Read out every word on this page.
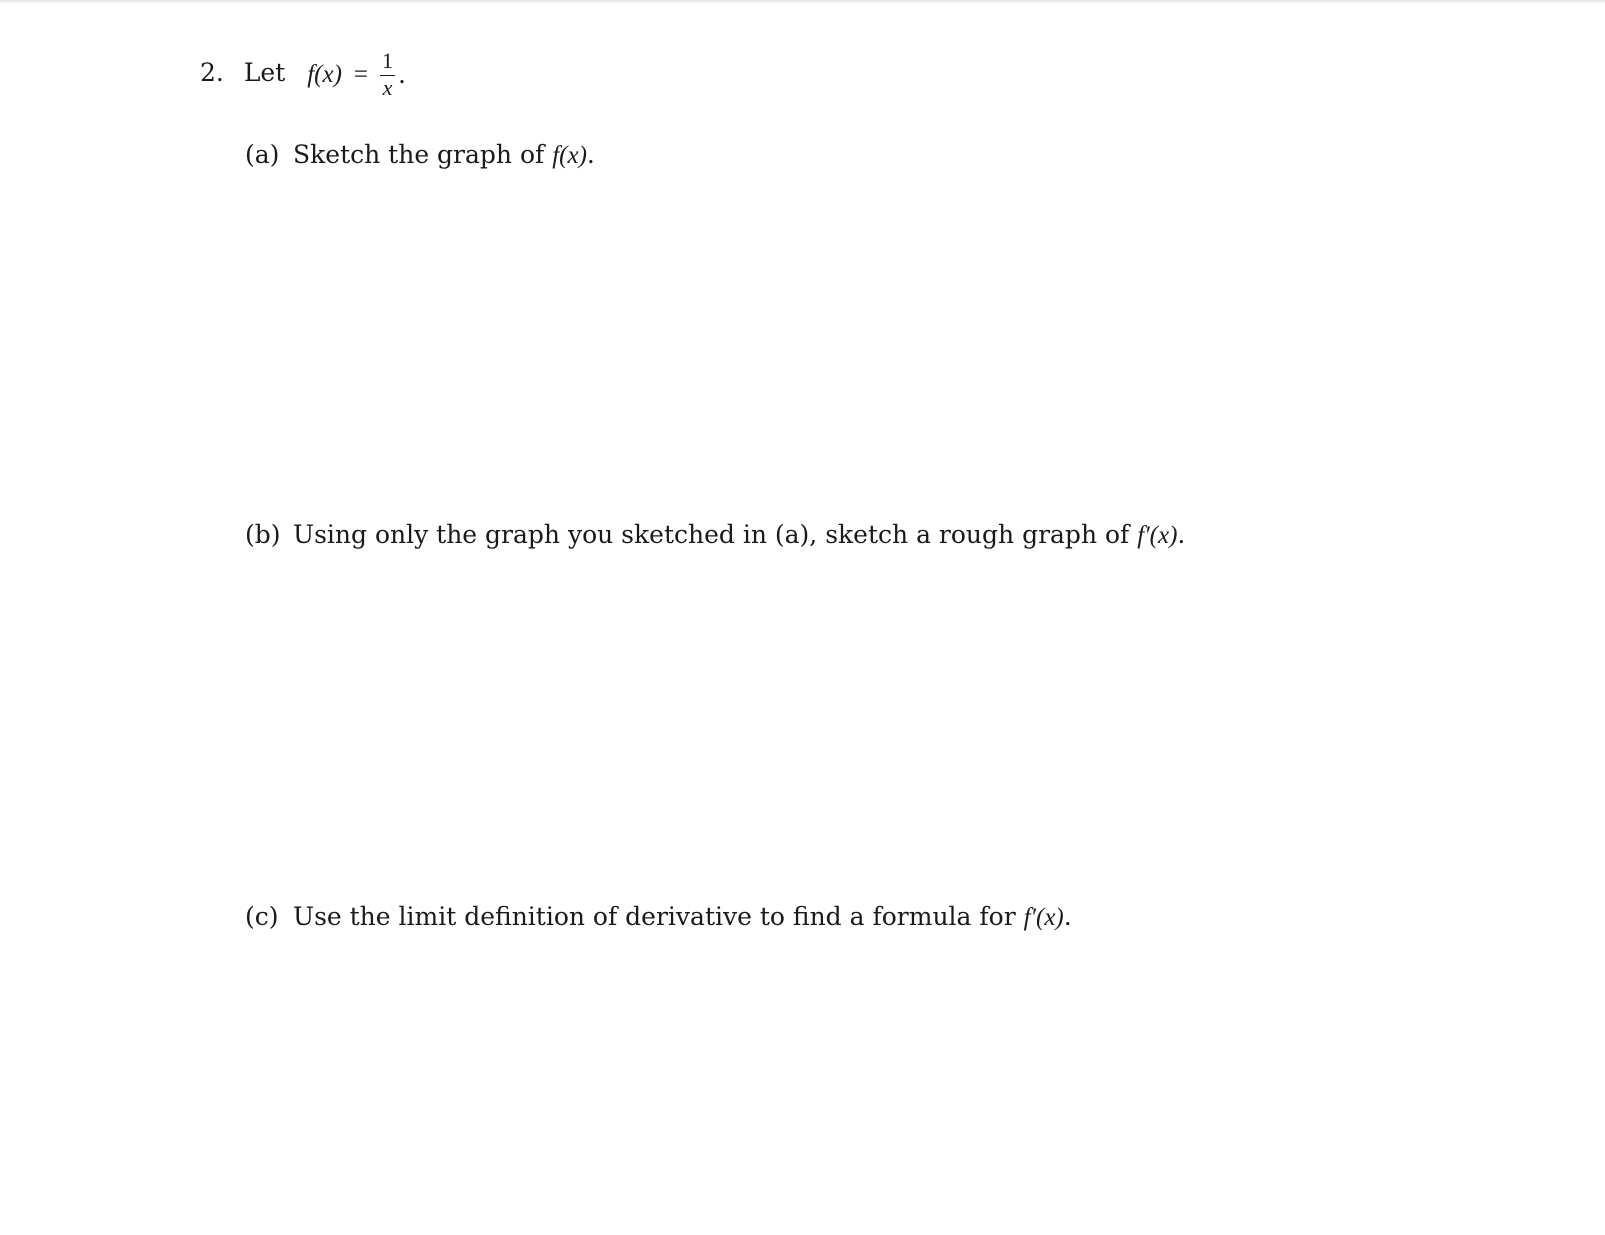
2. Let $f(x) = \frac{1}{x}$ .
(a) Sketch the graph of f(x).
(b) Using only the graph you sketched in (a), sketch a rough graph of f′(x).
(c) Use the limit definition of derivative to find a formula for f′(x).
